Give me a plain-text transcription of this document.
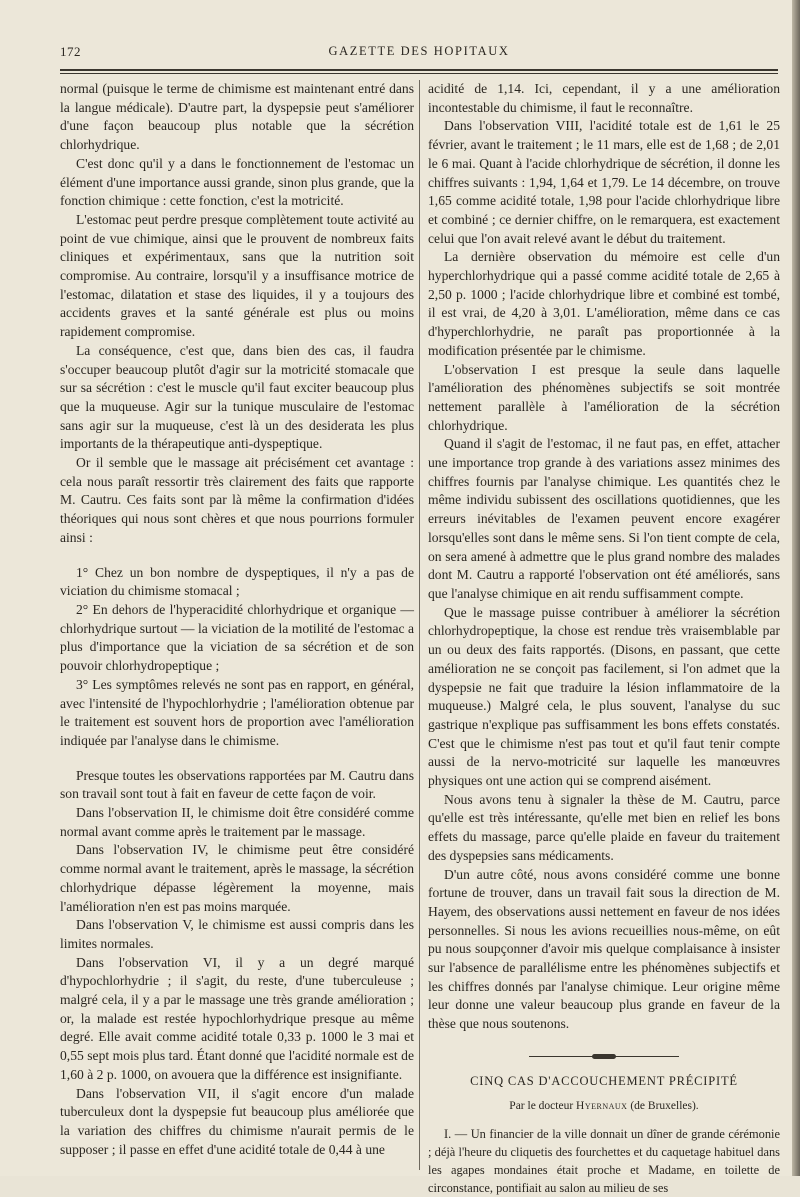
172	GAZETTE DES HOPITAUX

normal (puisque le terme de chimisme est maintenant entré dans la langue médicale). D'autre part, la dyspepsie peut s'améliorer d'une façon beaucoup plus notable que la sécrétion chlorhydrique.

C'est donc qu'il y a dans le fonctionnement de l'estomac un élément d'une importance aussi grande, sinon plus grande, que la fonction chimique : cette fonction, c'est la motricité.

L'estomac peut perdre presque complètement toute activité au point de vue chimique, ainsi que le prouvent de nombreux faits cliniques et expérimentaux, sans que la nutrition soit compromise. Au contraire, lorsqu'il y a insuffisance motrice de l'estomac, dilatation et stase des liquides, il y a toujours des accidents graves et la santé générale est plus ou moins rapidement compromise.

La conséquence, c'est que, dans bien des cas, il faudra s'occuper beaucoup plutôt d'agir sur la motricité stomacale que sur sa sécrétion : c'est le muscle qu'il faut exciter beaucoup plus que la muqueuse. Agir sur la tunique musculaire de l'estomac sans agir sur la muqueuse, c'est là un des desiderata les plus importants de la thérapeutique anti-dyspeptique.

Or il semble que le massage ait précisément cet avantage : cela nous paraît ressortir très clairement des faits que rapporte M. Cautru. Ces faits sont par là même la confirmation d'idées théoriques qui nous sont chères et que nous pourrions formuler ainsi :

1° Chez un bon nombre de dyspeptiques, il n'y a pas de viciation du chimisme stomacal ;

2° En dehors de l'hyperacidité chlorhydrique et organique — chlorhydrique surtout — la viciation de la motilité de l'estomac a plus d'importance que la viciation de sa sécrétion et de son pouvoir chlorhydropeptique ;

3° Les symptômes relevés ne sont pas en rapport, en général, avec l'intensité de l'hypochlorhydrie ; l'amélioration obtenue par le traitement est souvent hors de proportion avec l'amélioration indiquée par l'analyse dans le chimisme.

Presque toutes les observations rapportées par M. Cautru dans son travail sont tout à fait en faveur de cette façon de voir.

Dans l'observation II, le chimisme doit être considéré comme normal avant comme après le traitement par le massage.

Dans l'observation IV, le chimisme peut être considéré comme normal avant le traitement, après le massage, la sécrétion chlorhydrique dépasse légèrement la moyenne, mais l'amélioration n'en est pas moins marquée.

Dans l'observation V, le chimisme est aussi compris dans les limites normales.

Dans l'observation VI, il y a un degré marqué d'hypochlorhydrie ; il s'agit, du reste, d'une tuberculeuse ; malgré cela, il y a par le massage une très grande amélioration ; or, la malade est restée hypochlorhydrique presque au même degré. Elle avait comme acidité totale 0,33 p. 1000 le 3 mai et 0,55 sept mois plus tard. Étant donné que l'acidité normale est de 1,60 à 2 p. 1000, on avouera que la différence est insignifiante.

Dans l'observation VII, il s'agit encore d'un malade tuberculeux dont la dyspepsie fut beaucoup plus améliorée que la variation des chiffres du chimisme n'aurait permis de le supposer ; il passe en effet d'une acidité totale de 0,44 à une

acidité de 1,14. Ici, cependant, il y a une amélioration incontestable du chimisme, il faut le reconnaître.

Dans l'observation VIII, l'acidité totale est de 1,61 le 25 février, avant le traitement ; le 11 mars, elle est de 1,68 ; de 2,01 le 6 mai. Quant à l'acide chlorhydrique de sécrétion, il donne les chiffres suivants : 1,94, 1,64 et 1,79. Le 14 décembre, on trouve 1,65 comme acidité totale, 1,98 pour l'acide chlorhydrique libre et combiné ; ce dernier chiffre, on le remarquera, est exactement celui que l'on avait relevé avant le début du traitement.

La dernière observation du mémoire est celle d'un hyperchlorhydrique qui a passé comme acidité totale de 2,65 à 2,50 p. 1000 ; l'acide chlorhydrique libre et combiné est tombé, il est vrai, de 4,20 à 3,01. L'amélioration, même dans ce cas d'hyperchlorhydrie, ne paraît pas proportionnée à la modification présentée par le chimisme.

L'observation I est presque la seule dans laquelle l'amélioration des phénomènes subjectifs se soit montrée nettement parallèle à l'amélioration de la sécrétion chlorhydrique.

Quand il s'agit de l'estomac, il ne faut pas, en effet, attacher une importance trop grande à des variations assez minimes des chiffres fournis par l'analyse chimique. Les quantités chez le même individu subissent des oscillations quotidiennes, que les erreurs inévitables de l'examen peuvent encore exagérer lorsqu'elles sont dans le même sens. Si l'on tient compte de cela, on sera amené à admettre que le plus grand nombre des malades dont M. Cautru a rapporté l'observation ont été améliorés, sans que l'analyse chimique en ait rendu suffisamment compte.

Que le massage puisse contribuer à améliorer la sécrétion chlorhydropeptique, la chose est rendue très vraisemblable par un ou deux des faits rapportés. (Disons, en passant, que cette amélioration ne se conçoit pas facilement, si l'on admet que la dyspepsie ne fait que traduire la lésion inflammatoire de la muqueuse.) Malgré cela, le plus souvent, l'analyse du suc gastrique n'explique pas suffisamment les bons effets constatés. C'est que le chimisme n'est pas tout et qu'il faut tenir compte aussi de la nervo-motricité sur laquelle les manœuvres physiques ont une action qui se comprend aisément.

Nous avons tenu à signaler la thèse de M. Cautru, parce qu'elle est très intéressante, qu'elle met bien en relief les bons effets du massage, parce qu'elle plaide en faveur du traitement des dyspepsies sans médicaments.

D'un autre côté, nous avons considéré comme une bonne fortune de trouver, dans un travail fait sous la direction de M. Hayem, des observations aussi nettement en faveur de nos idées personnelles. Si nous les avions recueillies nous-même, on eût pu nous soupçonner d'avoir mis quelque complaisance à insister sur l'absence de parallélisme entre les phénomènes subjectifs et les chiffres donnés par l'analyse chimique. Leur origine même leur donne une valeur beaucoup plus grande en faveur de la thèse que nous soutenons.

CINQ CAS D'ACCOUCHEMENT PRÉCIPITÉ
Par le docteur Hyernaux (de Bruxelles).

I. — Un financier de la ville donnait un dîner de grande cérémonie ; déjà l'heure du cliquetis des fourchettes et du caquetage habituel dans les agapes mondaines était proche et Madame, en toilette de circonstance, pontifiait au salon au milieu de ses
